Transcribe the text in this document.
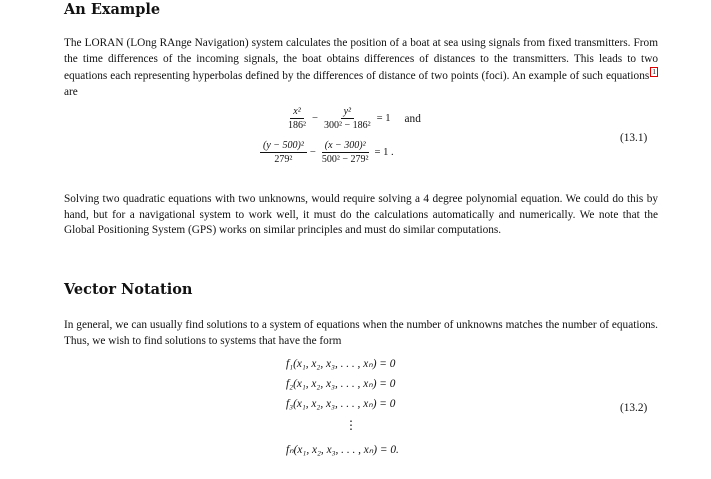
An Example

The LORAN (LOng RAnge Navigation) system calculates the position of a boat at sea using signals from fixed transmitters. From the time differences of the incoming signals, the boat obtains differences of distances to the transmitters. This leads to two equations each representing hyperbolas defined by the differences of distance of two points (foci). An example of such equations 1 are

$\frac{\text{x²}}{\text{186²}} - \frac{\text{y²}}{\text{300² − 186²}} = 1$ and
$\frac{\text{(y − 500)²}}{\text{279²}} - \frac{\text{(x − 300)²}}{\text{500² − 279²}} = 1$ .
(13.1)

Solving two quadratic equations with two unknowns, would require solving a 4 degree polynomial equation. We could do this by hand, but for a navigational system to work well, it must do the calculations automatically and numerically. We note that the Global Positioning System (GPS) works on similar principles and must do similar computations.

Vector Notation

In general, we can usually find solutions to a system of equations when the number of unknowns matches the number of equations. Thus, we wish to find solutions to systems that have the form

f₁(x₁, x₂, x₃, . . . , xₙ) = 0
f₂(x₁, x₂, x₃, . . . , xₙ) = 0
f₃(x₁, x₂, x₃, . . . , xₙ) = 0
⋮
fₙ(x₁, x₂, x₃, . . . , xₙ) = 0.
(13.2)
